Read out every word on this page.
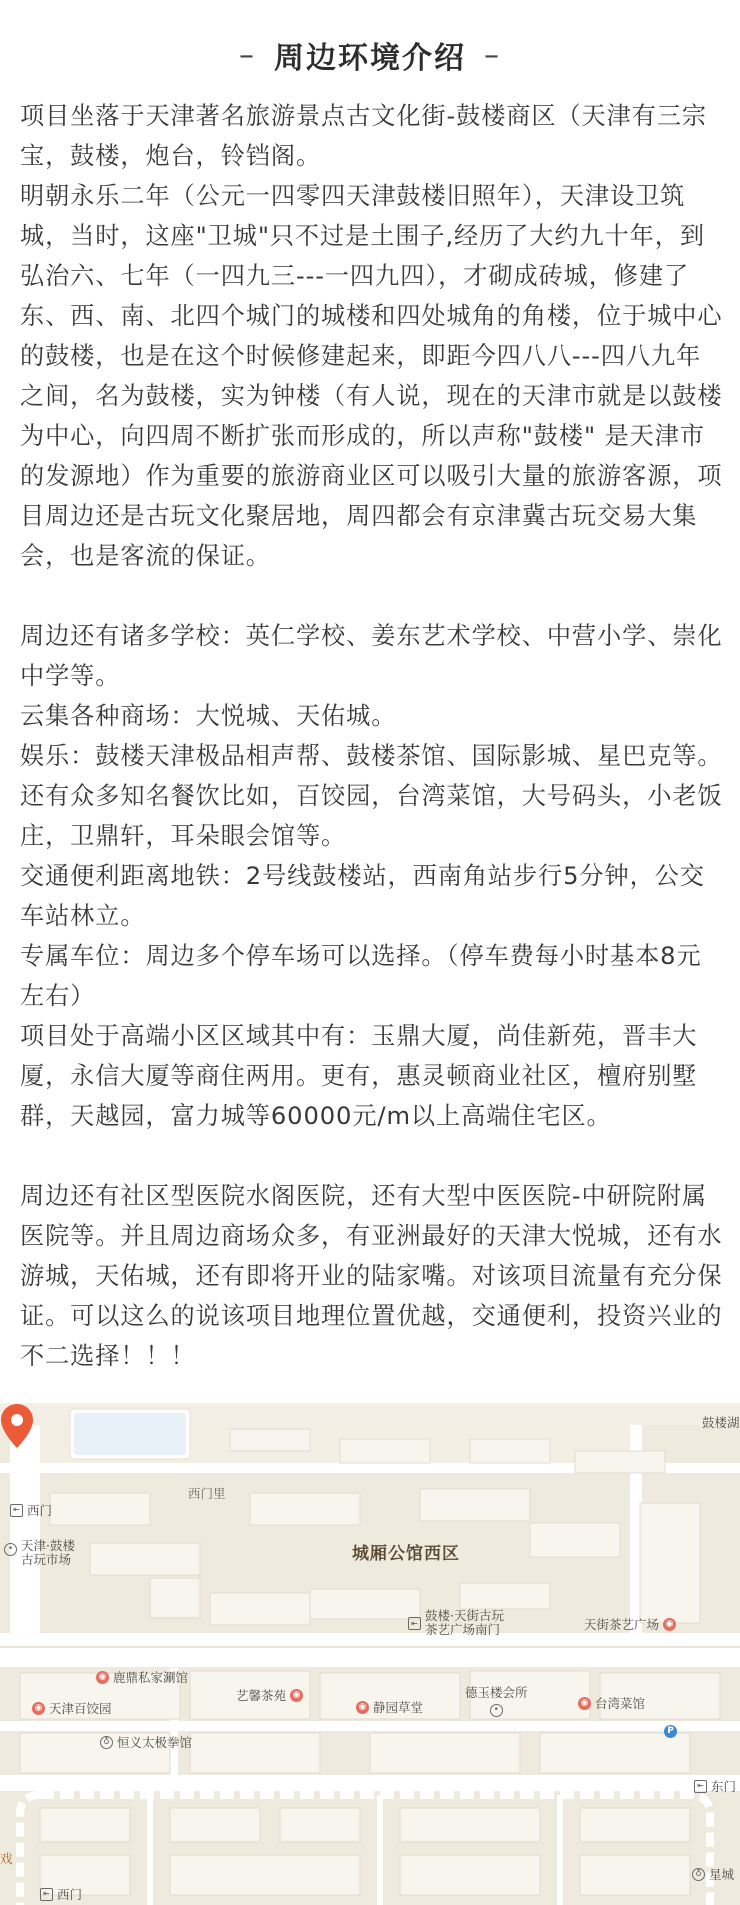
– 周边环境介绍 –

项目坐落于天津著名旅游景点古文化街-鼓楼商区（天津有三宗宝，鼓楼，炮台，铃铛阁。

明朝永乐二年（公元一四零四天津鼓楼旧照年），天津设卫筑城，当时，这座"卫城"只不过是土围子,经历了大约九十年，到弘治六、七年（一四九三---一四九四），才砌成砖城，修建了东、西、南、北四个城门的城楼和四处城角的角楼，位于城中心的鼓楼，也是在这个时候修建起来，即距今四八八---四八九年之间，名为鼓楼，实为钟楼（有人说，现在的天津市就是以鼓楼为中心，向四周不断扩张而形成的，所以声称"鼓楼" 是天津市的发源地）作为重要的旅游商业区可以吸引大量的旅游客源，项目周边还是古玩文化聚居地，周四都会有京津冀古玩交易大集会，也是客流的保证。

周边还有诸多学校：英仁学校、姜东艺术学校、中营小学、崇化中学等。

云集各种商场：大悦城、天佑城。

娱乐：鼓楼天津极品相声帮、鼓楼茶馆、国际影城、星巴克等。还有众多知名餐饮比如，百饺园，台湾菜馆，大号码头，小老饭庄，卫鼎轩，耳朵眼会馆等。

交通便利距离地铁：2号线鼓楼站，西南角站步行5分钟，公交车站林立。

专属车位：周边多个停车场可以选择。（停车费每小时基本8元左右）

项目处于高端小区区域其中有：玉鼎大厦，尚佳新苑，晋丰大厦，永信大厦等商住两用。更有，惠灵顿商业社区，檀府别墅群，天越园，富力城等60000元/m以上高端住宅区。

周边还有社区型医院水阁医院，还有大型中医医院-中研院附属医院等。并且周边商场众多，有亚洲最好的天津大悦城，还有水游城，天佑城，还有即将开业的陆家嘴。对该项目流量有充分保证。可以这么的说该项目地理位置优越，交通便利，投资兴业的不二选择！！！

鼓楼湖
西门里
⇤ 西门
• 天津·鼓楼
古玩市场	城厢公馆西区
⇤ 鼓楼·天街古玩
茶艺广场南门	天街茶艺广场 ◉
◉ 鹿鼎私家涮馆
艺馨茶苑 ◉	德玉楼会所
•
◉ 天津百饺园	◉ 静园草堂	◉ 台湾菜馆
P
♁ 恒义太极拳馆
⇤ 东门
⇤ 西门
♁ 星城
戏
